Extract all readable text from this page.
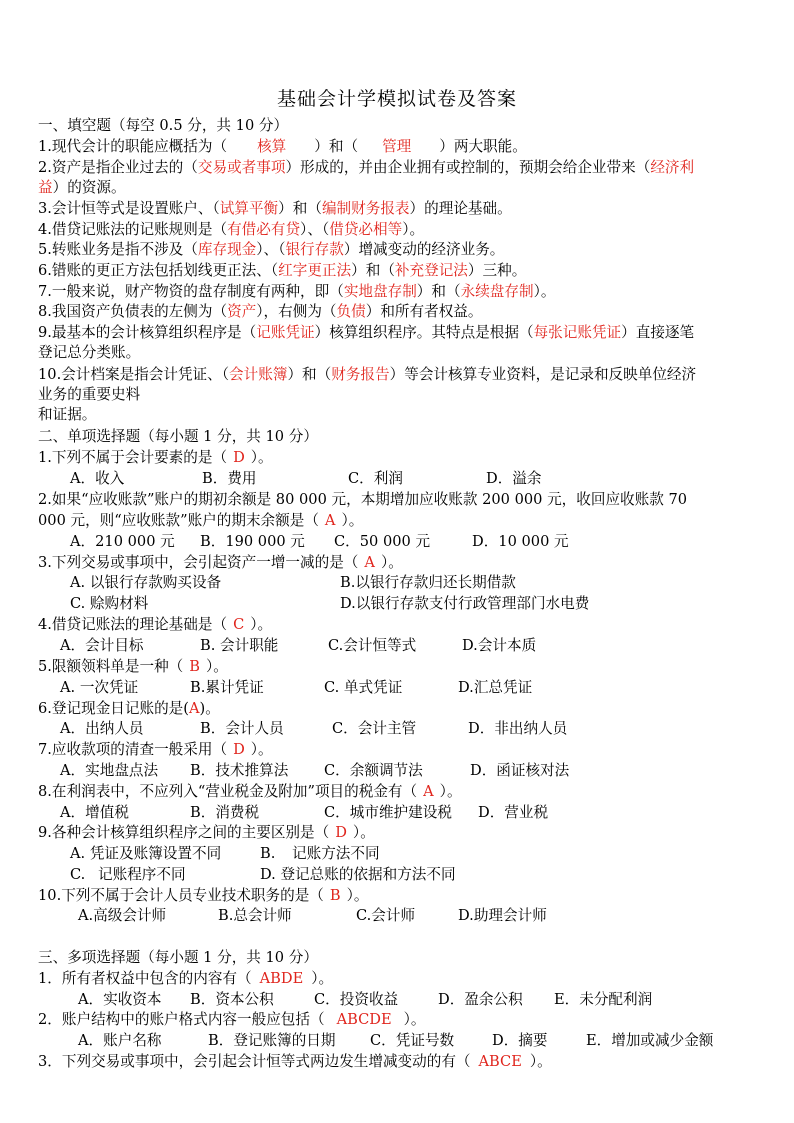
基础会计学模拟试卷及答案
一、填空题（每空 0.5 分，共 10 分）
1.现代会计的职能应概括为（ 核算 ）和（ 管理 ）两大职能。
2.资产是指企业过去的（交易或者事项）形成的，并由企业拥有或控制的，预期会给企业带来（经济利
益）的资源。
3.会计恒等式是设置账户、（试算平衡）和（编制财务报表）的理论基础。
4.借贷记账法的记账规则是（有借必有贷）、（借贷必相等）。
5.转账业务是指不涉及（库存现金）、（银行存款）增减变动的经济业务。
6.错账的更正方法包括划线更正法、（红字更正法）和（补充登记法）三种。
7.一般来说，财产物资的盘存制度有两种，即（实地盘存制）和（永续盘存制）。
8.我国资产负债表的左侧为（资产），右侧为（负债）和所有者权益。
9.最基本的会计核算组织程序是（记账凭证）核算组织程序。其特点是根据（每张记账凭证）直接逐笔
登记总分类账。
10.会计档案是指会计凭证、（会计账簿）和（财务报告）等会计核算专业资料，是记录和反映单位经济
业务的重要史料
和证据。
二、单项选择题（每小题 1 分，共 10 分）
1.下列不属于会计要素的是（ D ）。
A．收入	B．费用	C．利润	D．溢余
2.如果“应收账款”账户的期初余额是 80 000 元，本期增加应收账款 200 000 元，收回应收账款 70
000 元，则“应收账款”账户的期末余额是（ A ）。
A．210 000 元 B．190 000 元 C．50 000 元	D．10 000 元
3.下列交易或事项中，会引起资产一增一减的是（ A ）。
A. 以银行存款购买设备	B.以银行存款归还长期借款
C. 赊购材料	D.以银行存款支付行政管理部门水电费
4.借贷记账法的理论基础是（ C ）。
A．会计目标	B. 会计职能	C.会计恒等式	D.会计本质
5.限额领料单是一种（ B ）。
A. 一次凭证	B.累计凭证	C. 单式凭证	D.汇总凭证
6.登记现金日记账的是(A)。
A．出纳人员	B．会计人员	C．会计主管	D．非出纳人员
7.应收款项的清查一般采用（ D ）。
A．实地盘点法 B．技术推算法 C．余额调节法	D．函证核对法
8.在利润表中，不应列入“营业税金及附加”项目的税金有（ A ）。
A．增值税	B．消费税	C．城市维护建设税 D．营业税
9.各种会计核算组织程序之间的主要区别是（ D ）。
A. 凭证及账簿设置不同	B. 记账方法不同
C. 记账程序不同	D. 登记总账的依据和方法不同
10.下列不属于会计人员专业技术职务的是（ B ）。
A.高级会计师	B.总会计师	C.会计师	D.助理会计师
三、多项选择题（每小题 1 分，共 10 分）
1．所有者权益中包含的内容有（ ABDE ）。
A．实收资本 B．资本公积	C．投资收益	D．盈余公积 E．未分配利润
2．账户结构中的账户格式内容一般应包括（ ABCDE ）。
A．账户名称	B．登记账簿的日期 C．凭证号数	D．摘要	E．增加或减少金额
3．下列交易或事项中，会引起会计恒等式两边发生增减变动的有（ ABCE ）。
